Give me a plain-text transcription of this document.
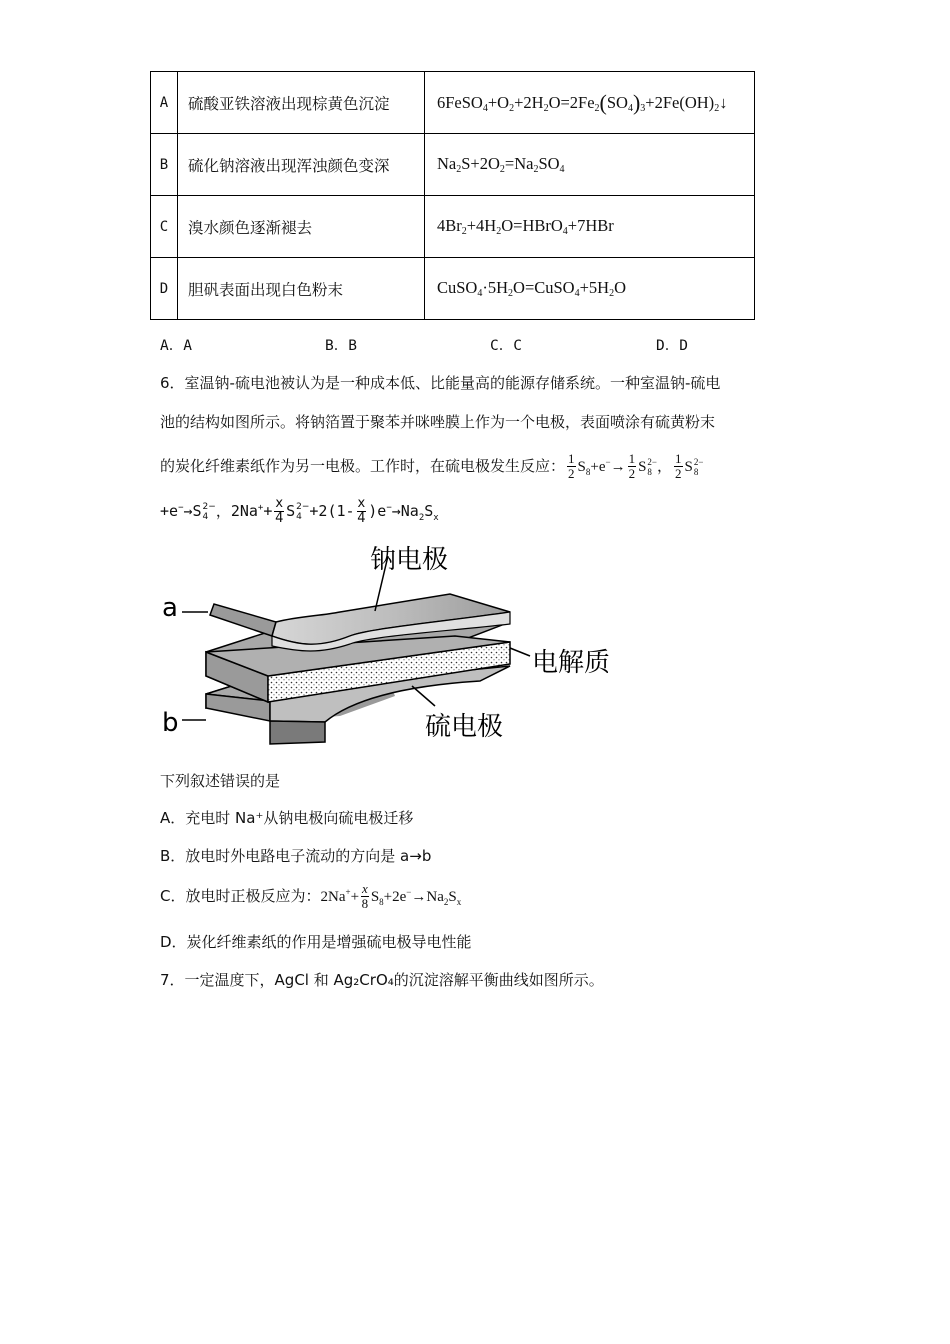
A	硫酸亚铁溶液出现棕黄色沉淀	$6FeSO_4+O_2+2H_2O=2Fe_2(SO_4)_3+2Fe(OH)_2↓$
B	硫化钠溶液出现浑浊颜色变深	$Na_2S+2O_2=Na_2SO_4$
C	溴水颜色逐渐褪去	$4Br_2+4H_2O=HBrO_4+7HBr$
D	胆矾表面出现白色粉末	$CuSO_4\cdot 5H_2O=CuSO_4+5H_2O$
A．A	B．B	C．C	D．D
6．室温钠-硫电池被认为是一种成本低、比能量高的能源存储系统。一种室温钠-硫电
池的结构如图所示。将钠箔置于聚苯并咪唑膜上作为一个电极，表面喷涂有硫黄粉末
的炭化纤维素纸作为另一电极。工作时，在硫电极发生反应： $\frac{1}{2} S_8+e^-\to \frac{1}{2}$ S 2−
8 ， $\frac{1}{2}$ S 2−
8
+e−→S 2−
4 ，$2Na^++ \frac{x}{4}$ S 2−
$4 +2(1- \frac{x}{4} )e^-\to Na_2S_x$
钠电极
电解质
硫电极
a
b
下列叙述错误的是
A．充电时 Na⁺从钠电极向硫电极迁移
B．放电时外电路电子流动的方向是 a→b
C．放电时正极反应为：$2Na^++ \frac{x}{8} S_8+2e^-\to Na_2S_x$
D．炭化纤维素纸的作用是增强硫电极导电性能
7．一定温度下，AgCl 和 Ag₂CrO₄的沉淀溶解平衡曲线如图所示。
